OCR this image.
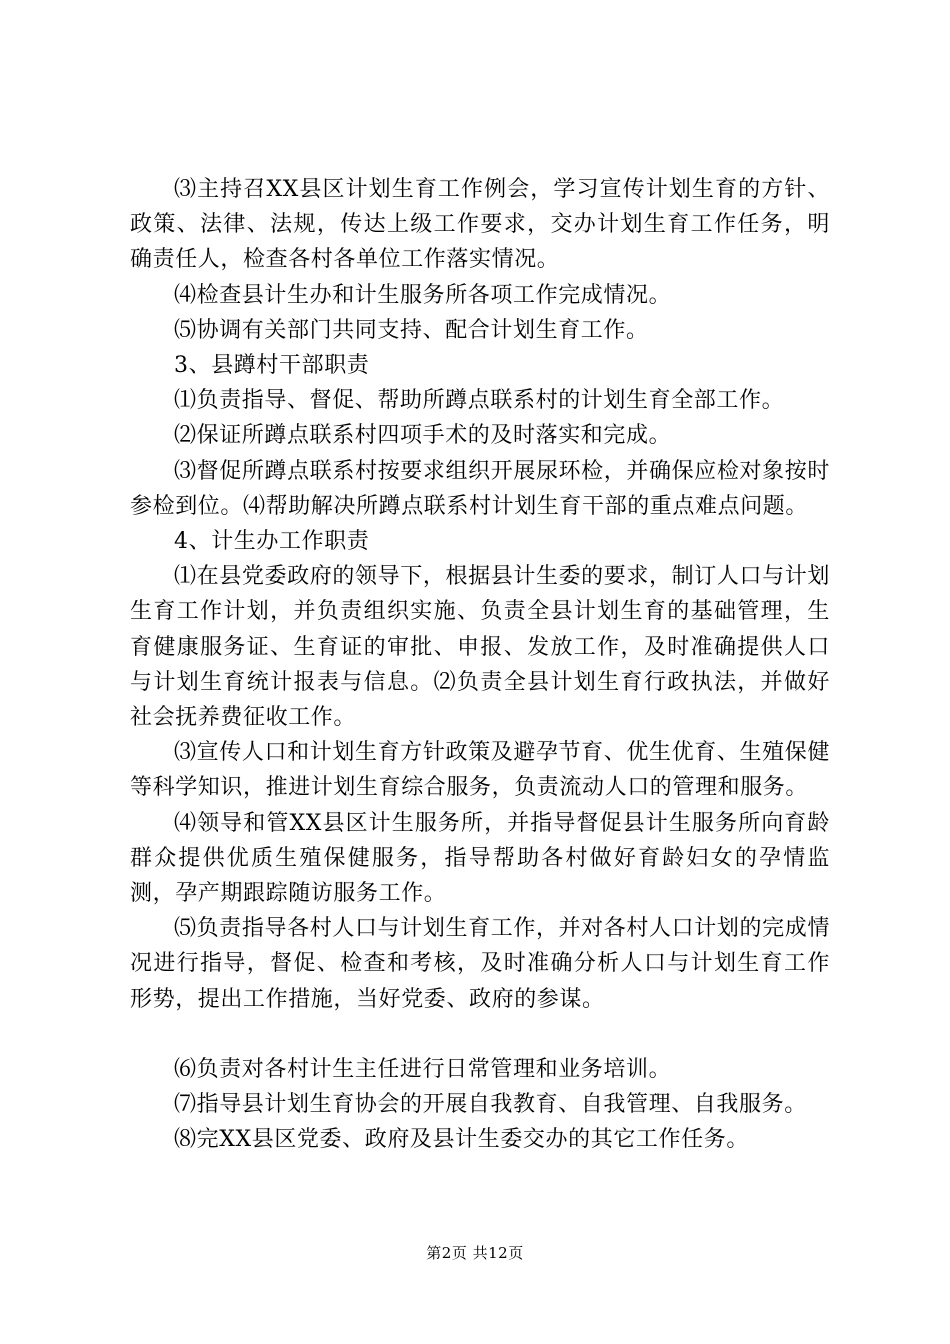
⑶主持召XX县区计划生育工作例会，学习宣传计划生育的方针、政策、法律、法规，传达上级工作要求，交办计划生育工作任务，明确责任人，检查各村各单位工作落实情况。

⑷检查县计生办和计生服务所各项工作完成情况。

⑸协调有关部门共同支持、配合计划生育工作。

3、县蹲村干部职责

⑴负责指导、督促、帮助所蹲点联系村的计划生育全部工作。

⑵保证所蹲点联系村四项手术的及时落实和完成。

⑶督促所蹲点联系村按要求组织开展尿环检，并确保应检对象按时参检到位。⑷帮助解决所蹲点联系村计划生育干部的重点难点问题。

4、计生办工作职责

⑴在县党委政府的领导下，根据县计生委的要求，制订人口与计划生育工作计划，并负责组织实施、负责全县计划生育的基础管理，生育健康服务证、生育证的审批、申报、发放工作，及时准确提供人口与计划生育统计报表与信息。⑵负责全县计划生育行政执法，并做好社会抚养费征收工作。

⑶宣传人口和计划生育方针政策及避孕节育、优生优育、生殖保健等科学知识，推进计划生育综合服务，负责流动人口的管理和服务。

⑷领导和管XX县区计生服务所，并指导督促县计生服务所向育龄群众提供优质生殖保健服务，指导帮助各村做好育龄妇女的孕情监测，孕产期跟踪随访服务工作。

⑸负责指导各村人口与计划生育工作，并对各村人口计划的完成情况进行指导，督促、检查和考核，及时准确分析人口与计划生育工作形势，提出工作措施，当好党委、政府的参谋。

⑹负责对各村计生主任进行日常管理和业务培训。

⑺指导县计划生育协会的开展自我教育、自我管理、自我服务。

⑻完XX县区党委、政府及县计生委交办的其它工作任务。

第2页 共12页
